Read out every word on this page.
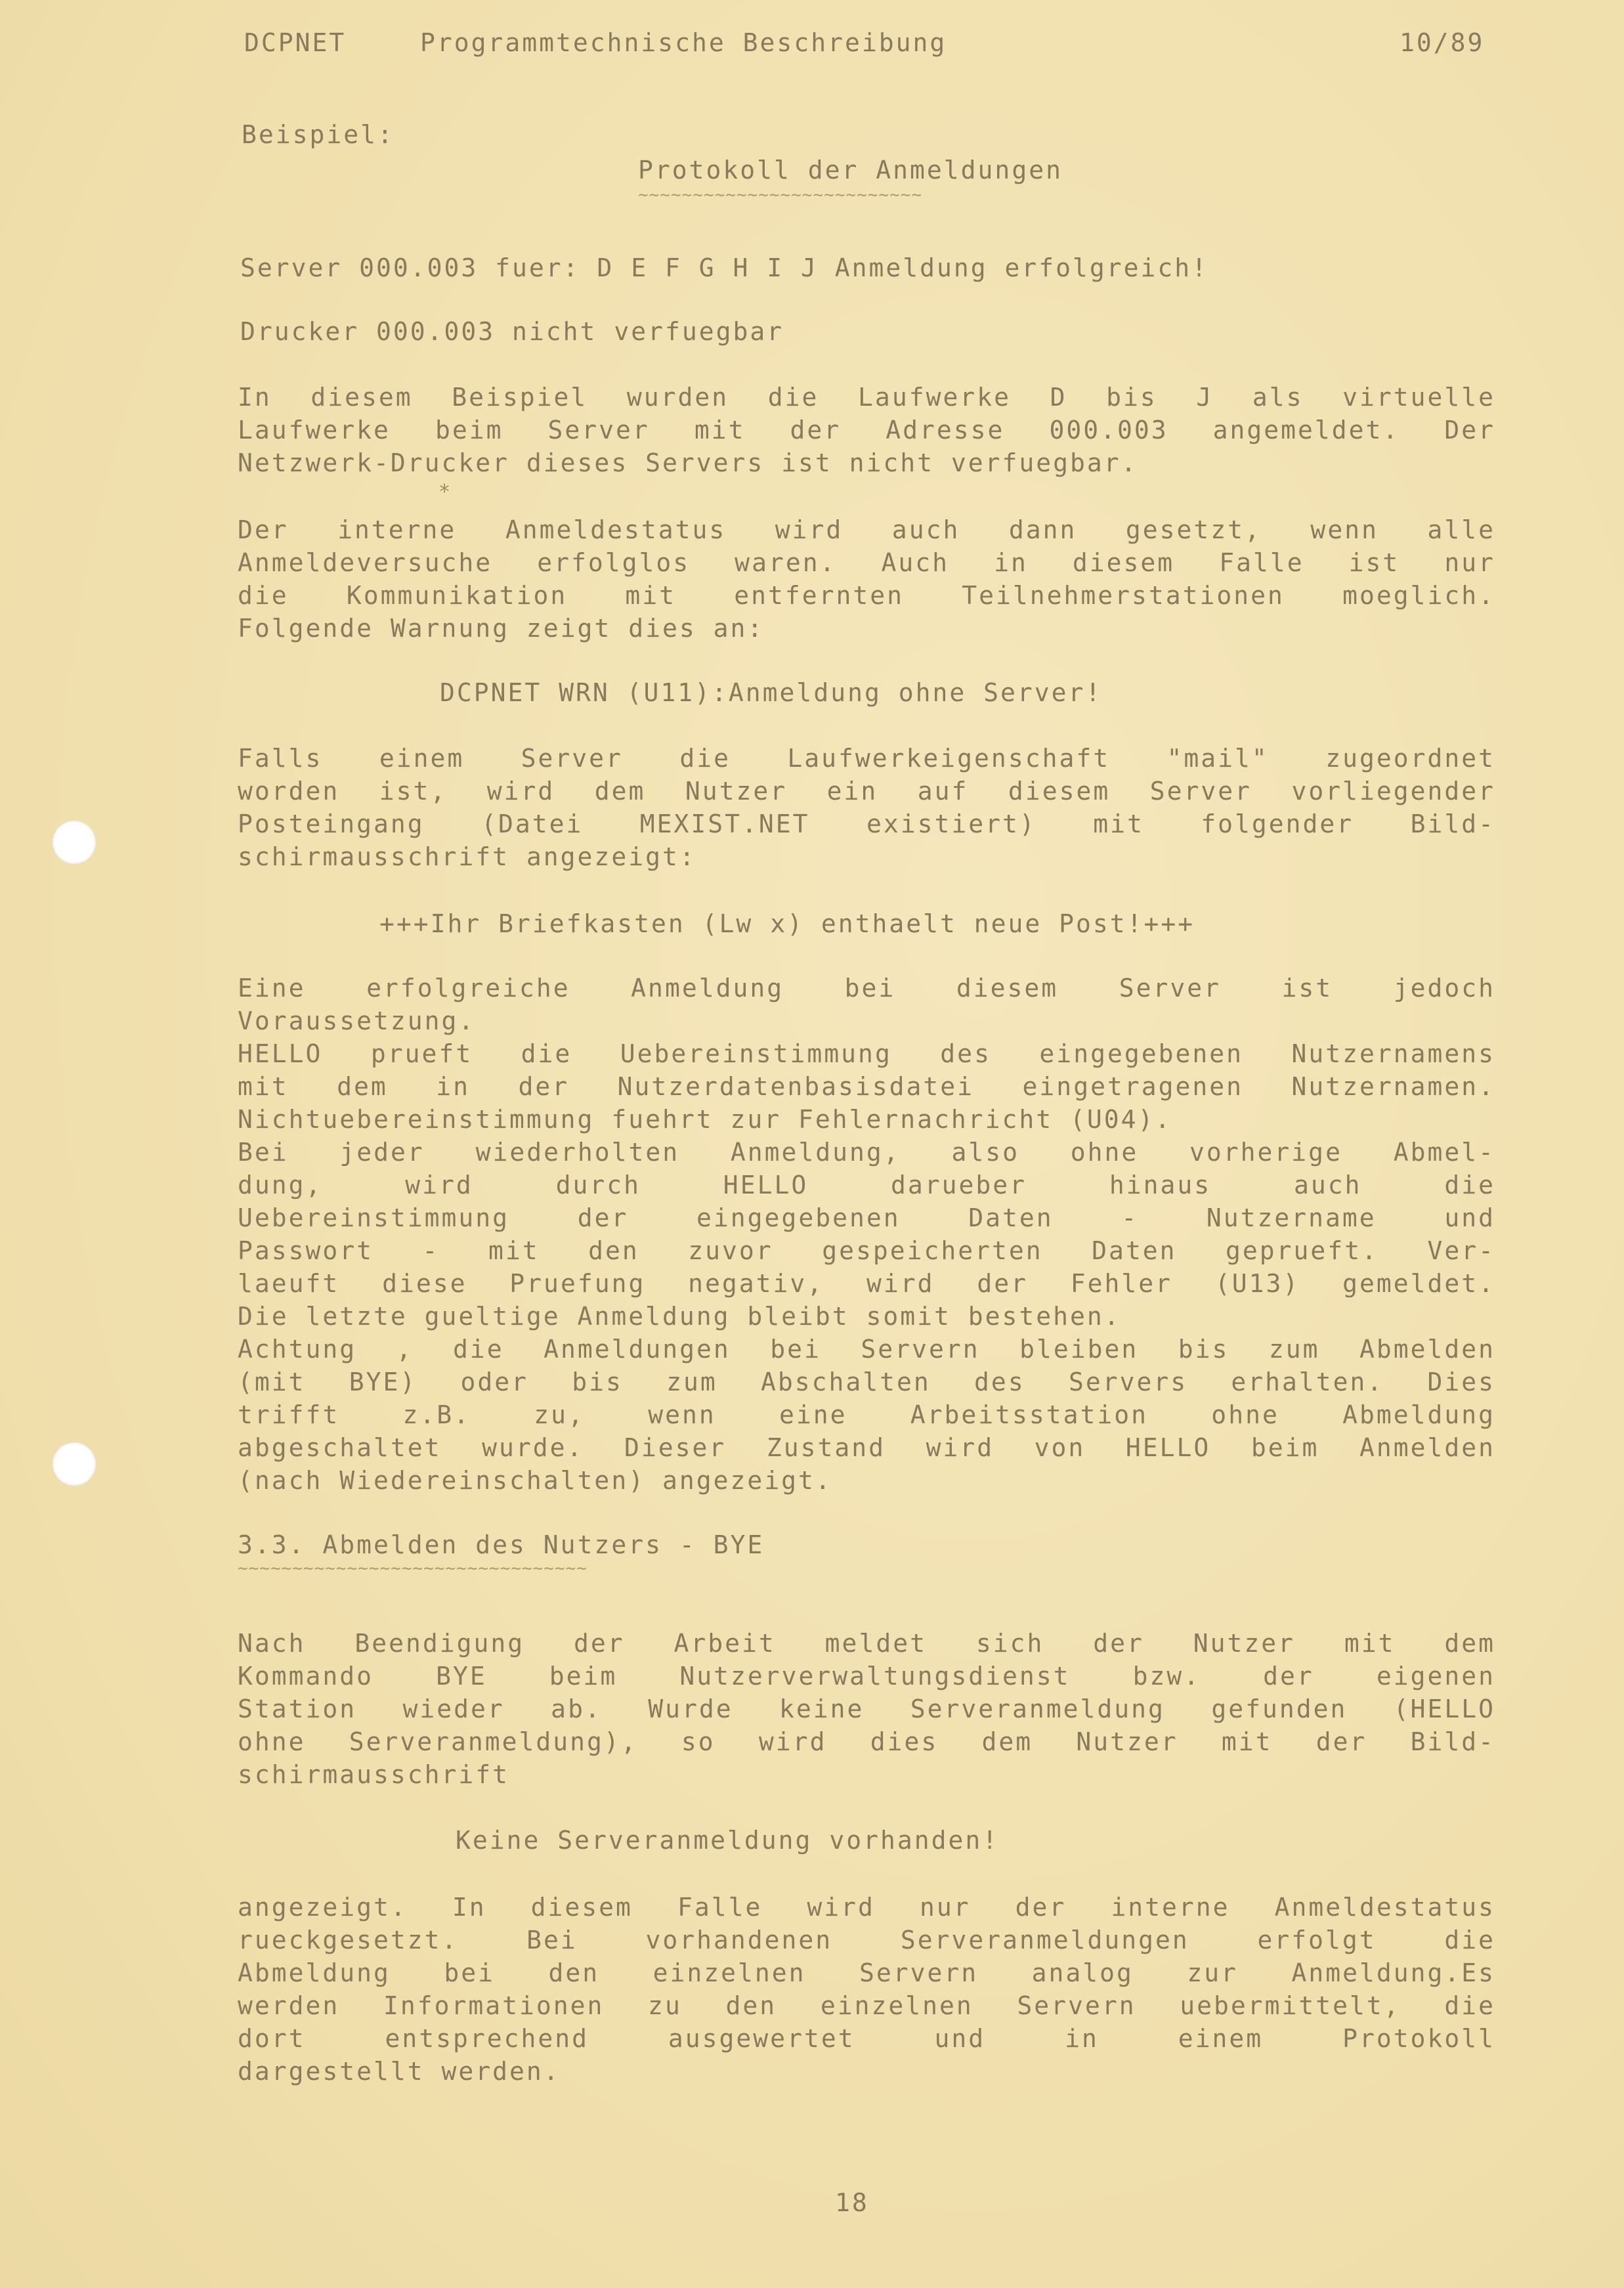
DCPNET	Programmtechnische Beschreibung	10/89
Beispiel:
Protokoll der Anmeldungen
~~~~~~~~~~~~~~~~~~~~~~~~~~
Server 000.003 fuer: D E F G H I J Anmeldung erfolgreich!
Drucker 000.003 nicht verfuegbar
In diesem Beispiel wurden die Laufwerke D bis J als virtuelle
Laufwerke beim Server mit der Adresse 000.003 angemeldet. Der
Netzwerk-Drucker dieses Servers ist nicht verfuegbar.
*
Der interne Anmeldestatus wird auch dann gesetzt, wenn alle
Anmeldeversuche erfolglos waren. Auch in diesem Falle ist nur
die Kommunikation mit entfernten Teilnehmerstationen moeglich.
Folgende Warnung zeigt dies an:
DCPNET WRN (U11):Anmeldung ohne Server!
Falls einem Server die Laufwerkeigenschaft "mail" zugeordnet
worden ist, wird dem Nutzer ein auf diesem Server vorliegender
Posteingang (Datei MEXIST.NET existiert) mit folgender Bild-
schirmausschrift angezeigt:
+++Ihr Briefkasten (Lw x) enthaelt neue Post!+++
Eine erfolgreiche Anmeldung bei diesem Server ist jedoch
Voraussetzung.
HELLO prueft die Uebereinstimmung des eingegebenen Nutzernamens
mit dem in der Nutzerdatenbasisdatei eingetragenen Nutzernamen.
Nichtuebereinstimmung fuehrt zur Fehlernachricht (U04).
Bei jeder wiederholten Anmeldung, also ohne vorherige Abmel-
dung, wird durch HELLO darueber hinaus auch die
Uebereinstimmung der eingegebenen Daten - Nutzername und
Passwort - mit den zuvor gespeicherten Daten geprueft. Ver-
laeuft diese Pruefung negativ, wird der Fehler (U13) gemeldet.
Die letzte gueltige Anmeldung bleibt somit bestehen.
Achtung , die Anmeldungen bei Servern bleiben bis zum Abmelden
(mit BYE) oder bis zum Abschalten des Servers erhalten. Dies
trifft z.B. zu, wenn eine Arbeitsstation ohne Abmeldung
abgeschaltet wurde. Dieser Zustand wird von HELLO beim Anmelden
(nach Wiedereinschalten) angezeigt.
3.3. Abmelden des Nutzers - BYE
~~~~~~~~~~~~~~~~~~~~~~~~~~~~~~~~
Nach Beendigung der Arbeit meldet sich der Nutzer mit dem
Kommando BYE beim Nutzerverwaltungsdienst bzw. der eigenen
Station wieder ab. Wurde keine Serveranmeldung gefunden (HELLO
ohne Serveranmeldung), so wird dies dem Nutzer mit der Bild-
schirmausschrift
Keine Serveranmeldung vorhanden!
angezeigt. In diesem Falle wird nur der interne Anmeldestatus
rueckgesetzt. Bei vorhandenen Serveranmeldungen erfolgt die
Abmeldung bei den einzelnen Servern analog zur Anmeldung.Es
werden Informationen zu den einzelnen Servern uebermittelt, die
dort entsprechend ausgewertet und in einem Protokoll
dargestellt werden.
18
